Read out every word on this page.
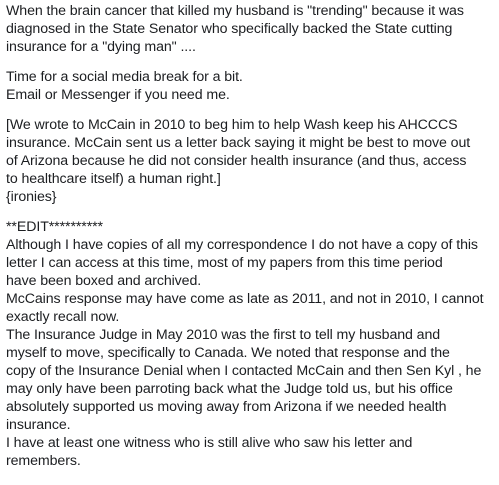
When the brain cancer that killed my husband is "trending" because it was
diagnosed in the State Senator who specifically backed the State cutting
insurance for a "dying man" ....
Time for a social media break for a bit.
Email or Messenger if you need me.
[We wrote to McCain in 2010 to beg him to help Wash keep his AHCCCS
insurance. McCain sent us a letter back saying it might be best to move out
of Arizona because he did not consider health insurance (and thus, access
to healthcare itself) a human right.]
{ironies}
**EDIT**********
Although I have copies of all my correspondence I do not have a copy of this
letter I can access at this time, most of my papers from this time period
have been boxed and archived.
McCains response may have come as late as 2011, and not in 2010, I cannot
exactly recall now.
The Insurance Judge in May 2010 was the first to tell my husband and
myself to move, specifically to Canada. We noted that response and the
copy of the Insurance Denial when I contacted McCain and then Sen Kyl , he
may only have been parroting back what the Judge told us, but his office
absolutely supported us moving away from Arizona if we needed health
insurance.
I have at least one witness who is still alive who saw his letter and
remembers.
